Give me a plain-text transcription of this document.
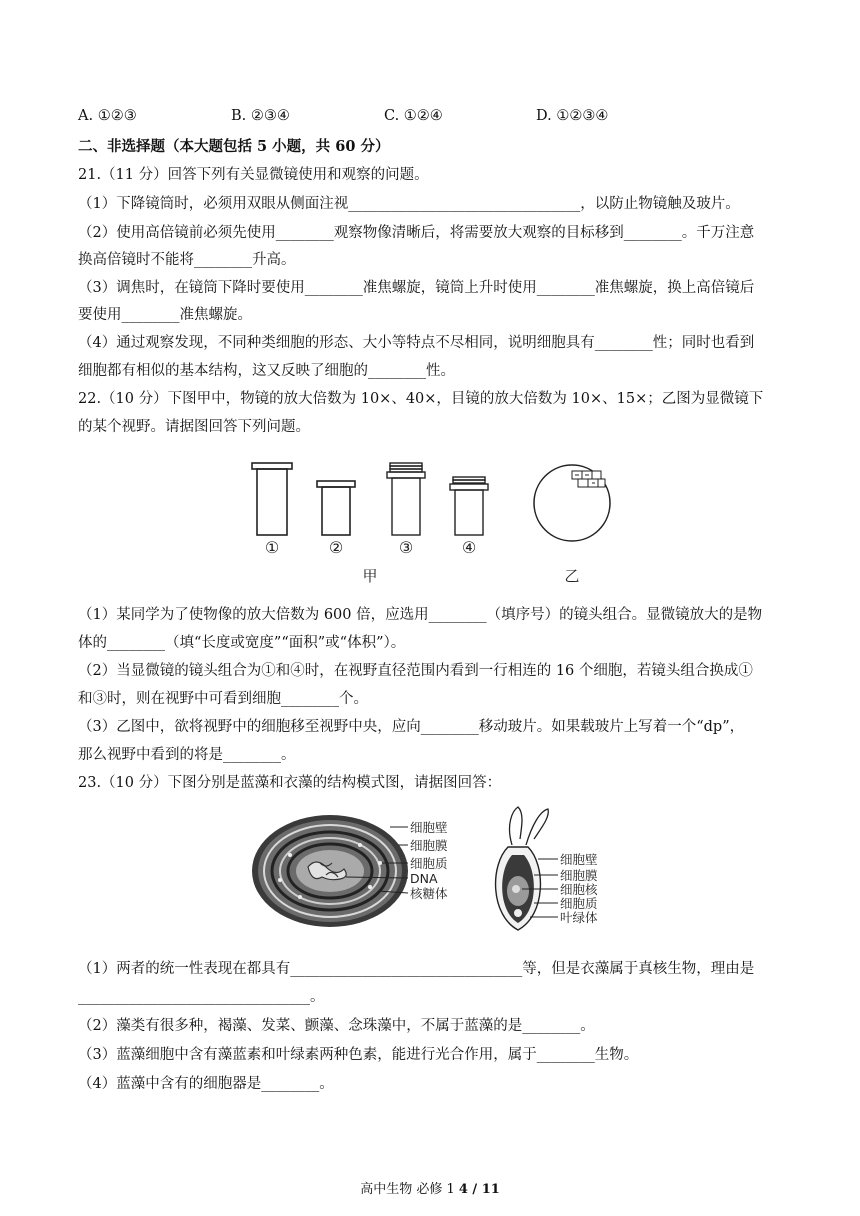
A. ①②③	B. ②③④	C. ①②④	D. ①②③④
二、非选择题（本大题包括 5 小题，共 60 分）
21.（11 分）回答下列有关显微镜使用和观察的问题。
（1）下降镜筒时，必须用双眼从侧面注视________________________________，以防止物镜触及玻片。
（2）使用高倍镜前必须先使用________观察物像清晰后，将需要放大观察的目标移到________。千万注意
换高倍镜时不能将________升高。
（3）调焦时，在镜筒下降时要使用________准焦螺旋，镜筒上升时使用________准焦螺旋，换上高倍镜后
要使用________准焦螺旋。
（4）通过观察发现，不同种类细胞的形态、大小等特点不尽相同，说明细胞具有________性；同时也看到
细胞都有相似的基本结构，这又反映了细胞的________性。
22.（10 分）下图甲中，物镜的放大倍数为 10×、40×，目镜的放大倍数为 10×、15×；乙图为显微镜下
的某个视野。请据图回答下列问题。
①	②	③	④
甲	乙
（1）某同学为了使物像的放大倍数为 600 倍，应选用________（填序号）的镜头组合。显微镜放大的是物
体的________（填“长度或宽度”“面积”或“体积”）。
（2）当显微镜的镜头组合为①和④时，在视野直径范围内看到一行相连的 16 个细胞，若镜头组合换成①
和③时，则在视野中可看到细胞________个。
（3）乙图中，欲将视野中的细胞移至视野中央，应向________移动玻片。如果载玻片上写着一个“dp”，
那么视野中看到的将是________。
23.（10 分）下图分别是蓝藻和衣藻的结构模式图，请据图回答：
细胞壁
细胞膜
细胞质
DNA
核糖体
细胞壁
细胞膜
细胞核
细胞质
叶绿体
（1）两者的统一性表现在都具有________________________________等，但是衣藻属于真核生物，理由是
________________________________。
（2）藻类有很多种，褐藻、发菜、颤藻、念珠藻中，不属于蓝藻的是________。
（3）蓝藻细胞中含有藻蓝素和叶绿素两种色素，能进行光合作用，属于________生物。
（4）蓝藻中含有的细胞器是________。
高中生物 必修 1 4 / 11
